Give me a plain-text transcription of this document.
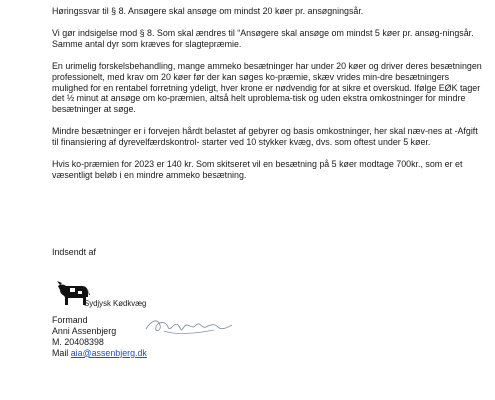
Høringssvar til § 8. Ansøgere skal ansøge om mindst 20 køer pr. ansøgningsår.

Vi gør indsigelse mod § 8. Som skal ændres til “Ansøgere skal ansøge om mindst 5 køer pr. ansøg-ningsår. Samme antal dyr som kræves for slagtepræmie.

En urimelig forskelsbehandling, mange ammeko besætninger har under 20 køer og driver deres besætningen professionelt, med krav om 20 køer før der kan søges ko-præmie, skæv vrides min-dre besætningers mulighed for en rentabel forretning ydeligt, hver krone er nødvendig for at sikre et overskud. Ifølge EØK tager det ½ minut at ansøge om ko-præmien, altså helt uproblema-tisk og uden ekstra omkostninger for mindre besætninger at søge.

Mindre besætninger er i forvejen hårdt belastet af gebyrer og basis omkostninger, her skal næv-nes at -Afgift til finansiering af dyrevelfærdskontrol- starter ved 10 stykker kvæg, dvs. som oftest under 5 køer.

Hvis ko-præmien for 2023 er 140 kr. Som skitseret vil en besætning på 5 køer modtage 700kr., som er et væsentligt beløb i en mindre ammeko besætning.

Indsendt af

Sydjysk Kødkvæg
Formand
Anni Assenbjerg
M. 20408398
Mail aia@assenbjerg.dk
